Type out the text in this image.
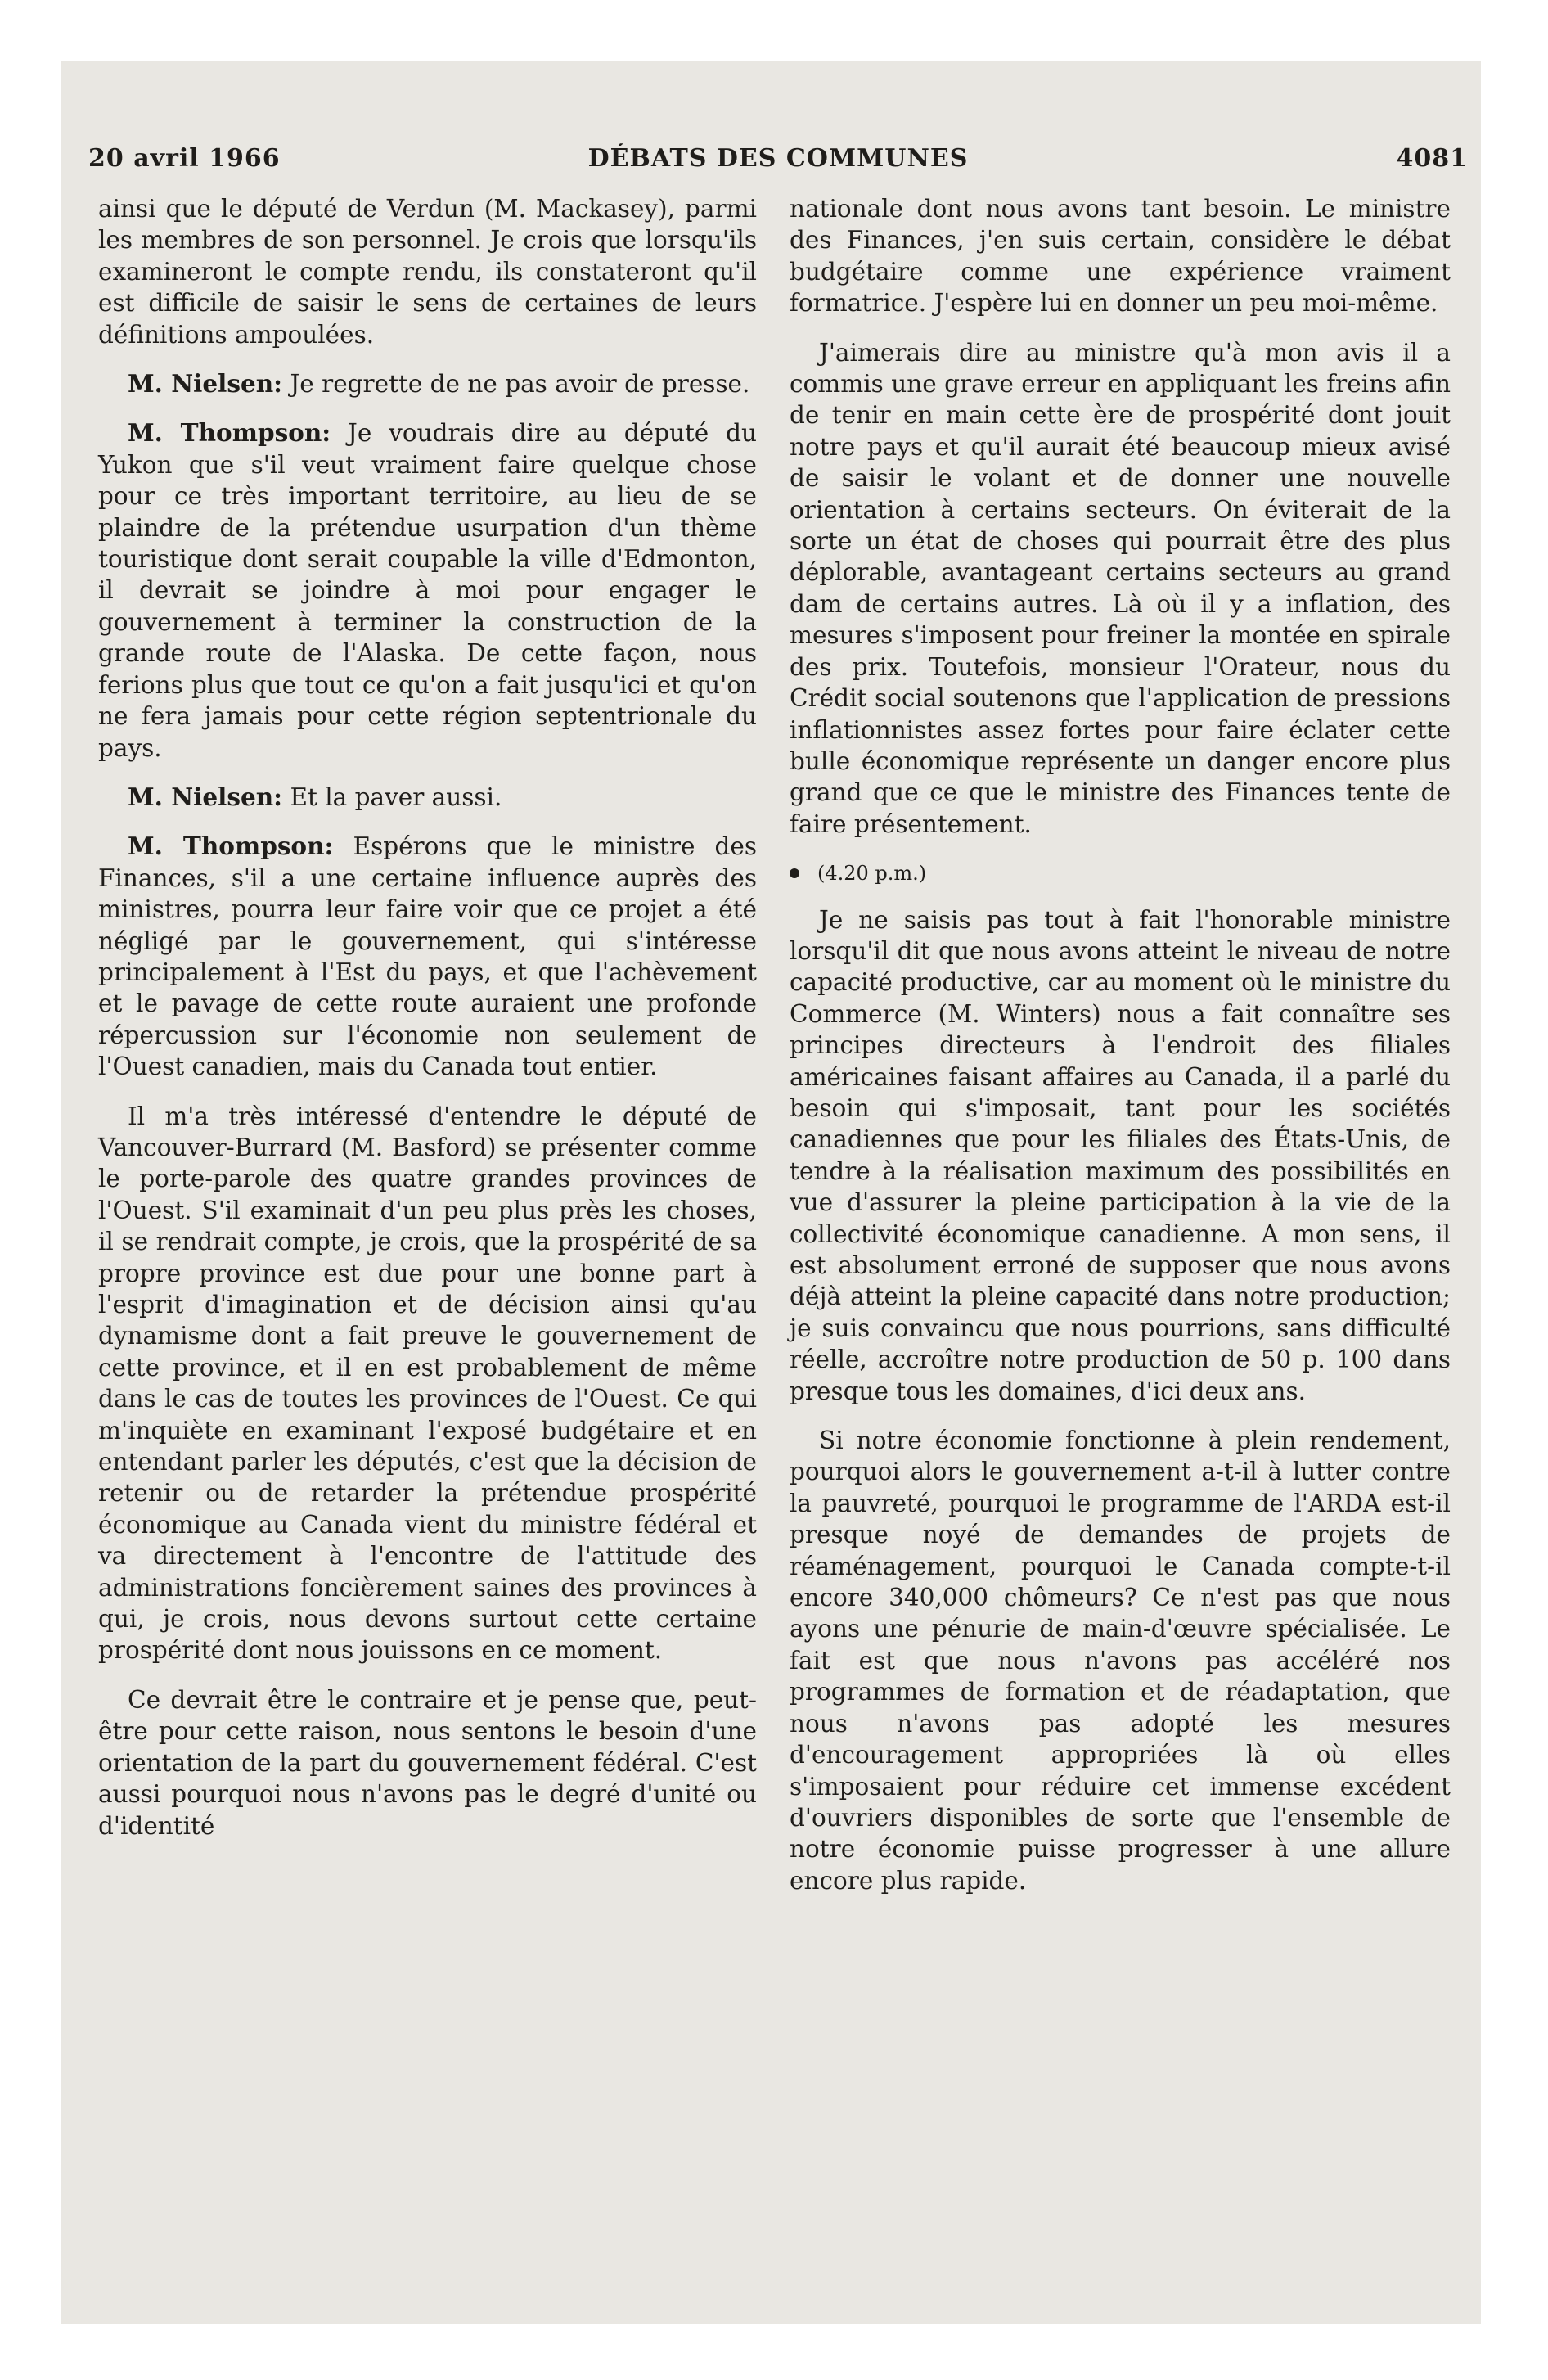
20 avril 1966	DÉBATS DES COMMUNES	4081

ainsi que le député de Verdun (M. Mackasey), parmi les membres de son personnel. Je crois que lorsqu'ils examineront le compte rendu, ils constateront qu'il est difficile de saisir le sens de certaines de leurs définitions ampoulées.

M. Nielsen: Je regrette de ne pas avoir de presse.

M. Thompson: Je voudrais dire au député du Yukon que s'il veut vraiment faire quelque chose pour ce très important territoire, au lieu de se plaindre de la prétendue usurpation d'un thème touristique dont serait coupable la ville d'Edmonton, il devrait se joindre à moi pour engager le gouvernement à terminer la construction de la grande route de l'Alaska. De cette façon, nous ferions plus que tout ce qu'on a fait jusqu'ici et qu'on ne fera jamais pour cette région septentrionale du pays.

M. Nielsen: Et la paver aussi.

M. Thompson: Espérons que le ministre des Finances, s'il a une certaine influence auprès des ministres, pourra leur faire voir que ce projet a été négligé par le gouvernement, qui s'intéresse principalement à l'Est du pays, et que l'achèvement et le pavage de cette route auraient une profonde répercussion sur l'économie non seulement de l'Ouest canadien, mais du Canada tout entier.

Il m'a très intéressé d'entendre le député de Vancouver-Burrard (M. Basford) se présenter comme le porte-parole des quatre grandes provinces de l'Ouest. S'il examinait d'un peu plus près les choses, il se rendrait compte, je crois, que la prospérité de sa propre province est due pour une bonne part à l'esprit d'imagination et de décision ainsi qu'au dynamisme dont a fait preuve le gouvernement de cette province, et il en est probablement de même dans le cas de toutes les provinces de l'Ouest. Ce qui m'inquiète en examinant l'exposé budgétaire et en entendant parler les députés, c'est que la décision de retenir ou de retarder la prétendue prospérité économique au Canada vient du ministre fédéral et va directement à l'encontre de l'attitude des administrations foncièrement saines des provinces à qui, je crois, nous devons surtout cette certaine prospérité dont nous jouissons en ce moment.

Ce devrait être le contraire et je pense que, peut-être pour cette raison, nous sentons le besoin d'une orientation de la part du gouvernement fédéral. C'est aussi pourquoi nous n'avons pas le degré d'unité ou d'identité

nationale dont nous avons tant besoin. Le ministre des Finances, j'en suis certain, considère le débat budgétaire comme une expérience vraiment formatrice. J'espère lui en donner un peu moi-même.

J'aimerais dire au ministre qu'à mon avis il a commis une grave erreur en appliquant les freins afin de tenir en main cette ère de prospérité dont jouit notre pays et qu'il aurait été beaucoup mieux avisé de saisir le volant et de donner une nouvelle orientation à certains secteurs. On éviterait de la sorte un état de choses qui pourrait être des plus déplorable, avantageant certains secteurs au grand dam de certains autres. Là où il y a inflation, des mesures s'imposent pour freiner la montée en spirale des prix. Toutefois, monsieur l'Orateur, nous du Crédit social soutenons que l'application de pressions inflationnistes assez fortes pour faire éclater cette bulle économique représente un danger encore plus grand que ce que le ministre des Finances tente de faire présentement.

(4.20 p.m.)

Je ne saisis pas tout à fait l'honorable ministre lorsqu'il dit que nous avons atteint le niveau de notre capacité productive, car au moment où le ministre du Commerce (M. Winters) nous a fait connaître ses principes directeurs à l'endroit des filiales américaines faisant affaires au Canada, il a parlé du besoin qui s'imposait, tant pour les sociétés canadiennes que pour les filiales des États-Unis, de tendre à la réalisation maximum des possibilités en vue d'assurer la pleine participation à la vie de la collectivité économique canadienne. A mon sens, il est absolument erroné de supposer que nous avons déjà atteint la pleine capacité dans notre production; je suis convaincu que nous pourrions, sans difficulté réelle, accroître notre production de 50 p. 100 dans presque tous les domaines, d'ici deux ans.

Si notre économie fonctionne à plein rendement, pourquoi alors le gouvernement a-t-il à lutter contre la pauvreté, pourquoi le programme de l'ARDA est-il presque noyé de demandes de projets de réaménagement, pourquoi le Canada compte-t-il encore 340,000 chômeurs? Ce n'est pas que nous ayons une pénurie de main-d'œuvre spécialisée. Le fait est que nous n'avons pas accéléré nos programmes de formation et de réadaptation, que nous n'avons pas adopté les mesures d'encouragement appropriées là où elles s'imposaient pour réduire cet immense excédent d'ouvriers disponibles de sorte que l'ensemble de notre économie puisse progresser à une allure encore plus rapide.
